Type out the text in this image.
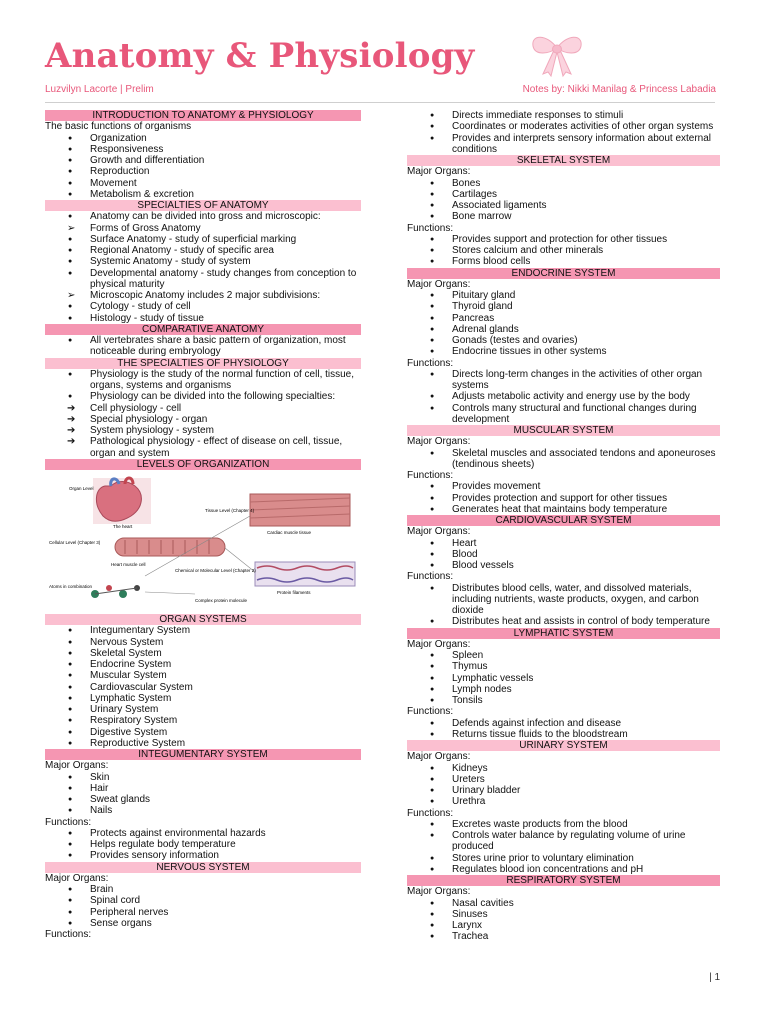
Anatomy & Physiology
Luzvilyn Lacorte | Prelim	Notes by: Nikki Manilag & Princess Labadia
INTRODUCTION TO ANATOMY & PHYSIOLOGY
The basic functions of organisms
● Organization
● Responsiveness
● Growth and differentiation
● Reproduction
● Movement
● Metabolism & excretion
SPECIALTIES OF ANATOMY
● Anatomy can be divided into gross and microscopic:
➢ Forms of Gross Anatomy
● Surface Anatomy - study of superficial marking
● Regional Anatomy - study of specific area
● Systemic Anatomy - study of system
● Developmental anatomy - study changes from conception to physical maturity
➢ Microscopic Anatomy includes 2 major subdivisions:
● Cytology - study of cell
● Histology - study of tissue
COMPARATIVE ANATOMY
● All vertebrates share a basic pattern of organization, most noticeable during embryology
THE SPECIALTIES OF PHYSIOLOGY
● Physiology is the study of the normal function of cell, tissue, organs, systems and organisms
● Physiology can be divided into the following specialties:
➔ Cell physiology - cell
➔ Special physiology - organ
➔ System physiology - system
➔ Pathological physiology - effect of disease on cell, tissue, organ and system
LEVELS OF ORGANIZATION
Organ Level
The heart
Tissue Level (Chapter 4)
Cardiac muscle tissue
Cellular Level (Chapter 3)
Heart muscle cell
Chemical or Molecular Level (Chapter 2)
Protein filaments
Atoms in combination
Complex protein molecule
ORGAN SYSTEMS
● Integumentary System
● Nervous System
● Skeletal System
● Endocrine System
● Muscular System
● Cardiovascular System
● Lymphatic System
● Urinary System
● Respiratory System
● Digestive System
● Reproductive System
INTEGUMENTARY SYSTEM
Major Organs:
● Skin
● Hair
● Sweat glands
● Nails
Functions:
● Protects against environmental hazards
● Helps regulate body temperature
● Provides sensory information
NERVOUS SYSTEM
Major Organs:
● Brain
● Spinal cord
● Peripheral nerves
● Sense organs
Functions:
● Directs immediate responses to stimuli
● Coordinates or moderates activities of other organ systems
● Provides and interprets sensory information about external conditions
SKELETAL SYSTEM
Major Organs:
● Bones
● Cartilages
● Associated ligaments
● Bone marrow
Functions:
● Provides support and protection for other tissues
● Stores calcium and other minerals
● Forms blood cells
ENDOCRINE SYSTEM
Major Organs:
● Pituitary gland
● Thyroid gland
● Pancreas
● Adrenal glands
● Gonads (testes and ovaries)
● Endocrine tissues in other systems
Functions:
● Directs long-term changes in the activities of other organ systems
● Adjusts metabolic activity and energy use by the body
● Controls many structural and functional changes during development
MUSCULAR SYSTEM
Major Organs:
● Skeletal muscles and associated tendons and aponeuroses (tendinous sheets)
Functions:
● Provides movement
● Provides protection and support for other tissues
● Generates heat that maintains body temperature
CARDIOVASCULAR SYSTEM
Major Organs:
● Heart
● Blood
● Blood vessels
Functions:
● Distributes blood cells, water, and dissolved materials, including nutrients, waste products, oxygen, and carbon dioxide
● Distributes heat and assists in control of body temperature
LYMPHATIC SYSTEM
Major Organs:
● Spleen
● Thymus
● Lymphatic vessels
● Lymph nodes
● Tonsils
Functions:
● Defends against infection and disease
● Returns tissue fluids to the bloodstream
URINARY SYSTEM
Major Organs:
● Kidneys
● Ureters
● Urinary bladder
● Urethra
Functions:
● Excretes waste products from the blood
● Controls water balance by regulating volume of urine produced
● Stores urine prior to voluntary elimination
● Regulates blood ion concentrations and pH
RESPIRATORY SYSTEM
Major Organs:
● Nasal cavities
● Sinuses
● Larynx
● Trachea
| 1
